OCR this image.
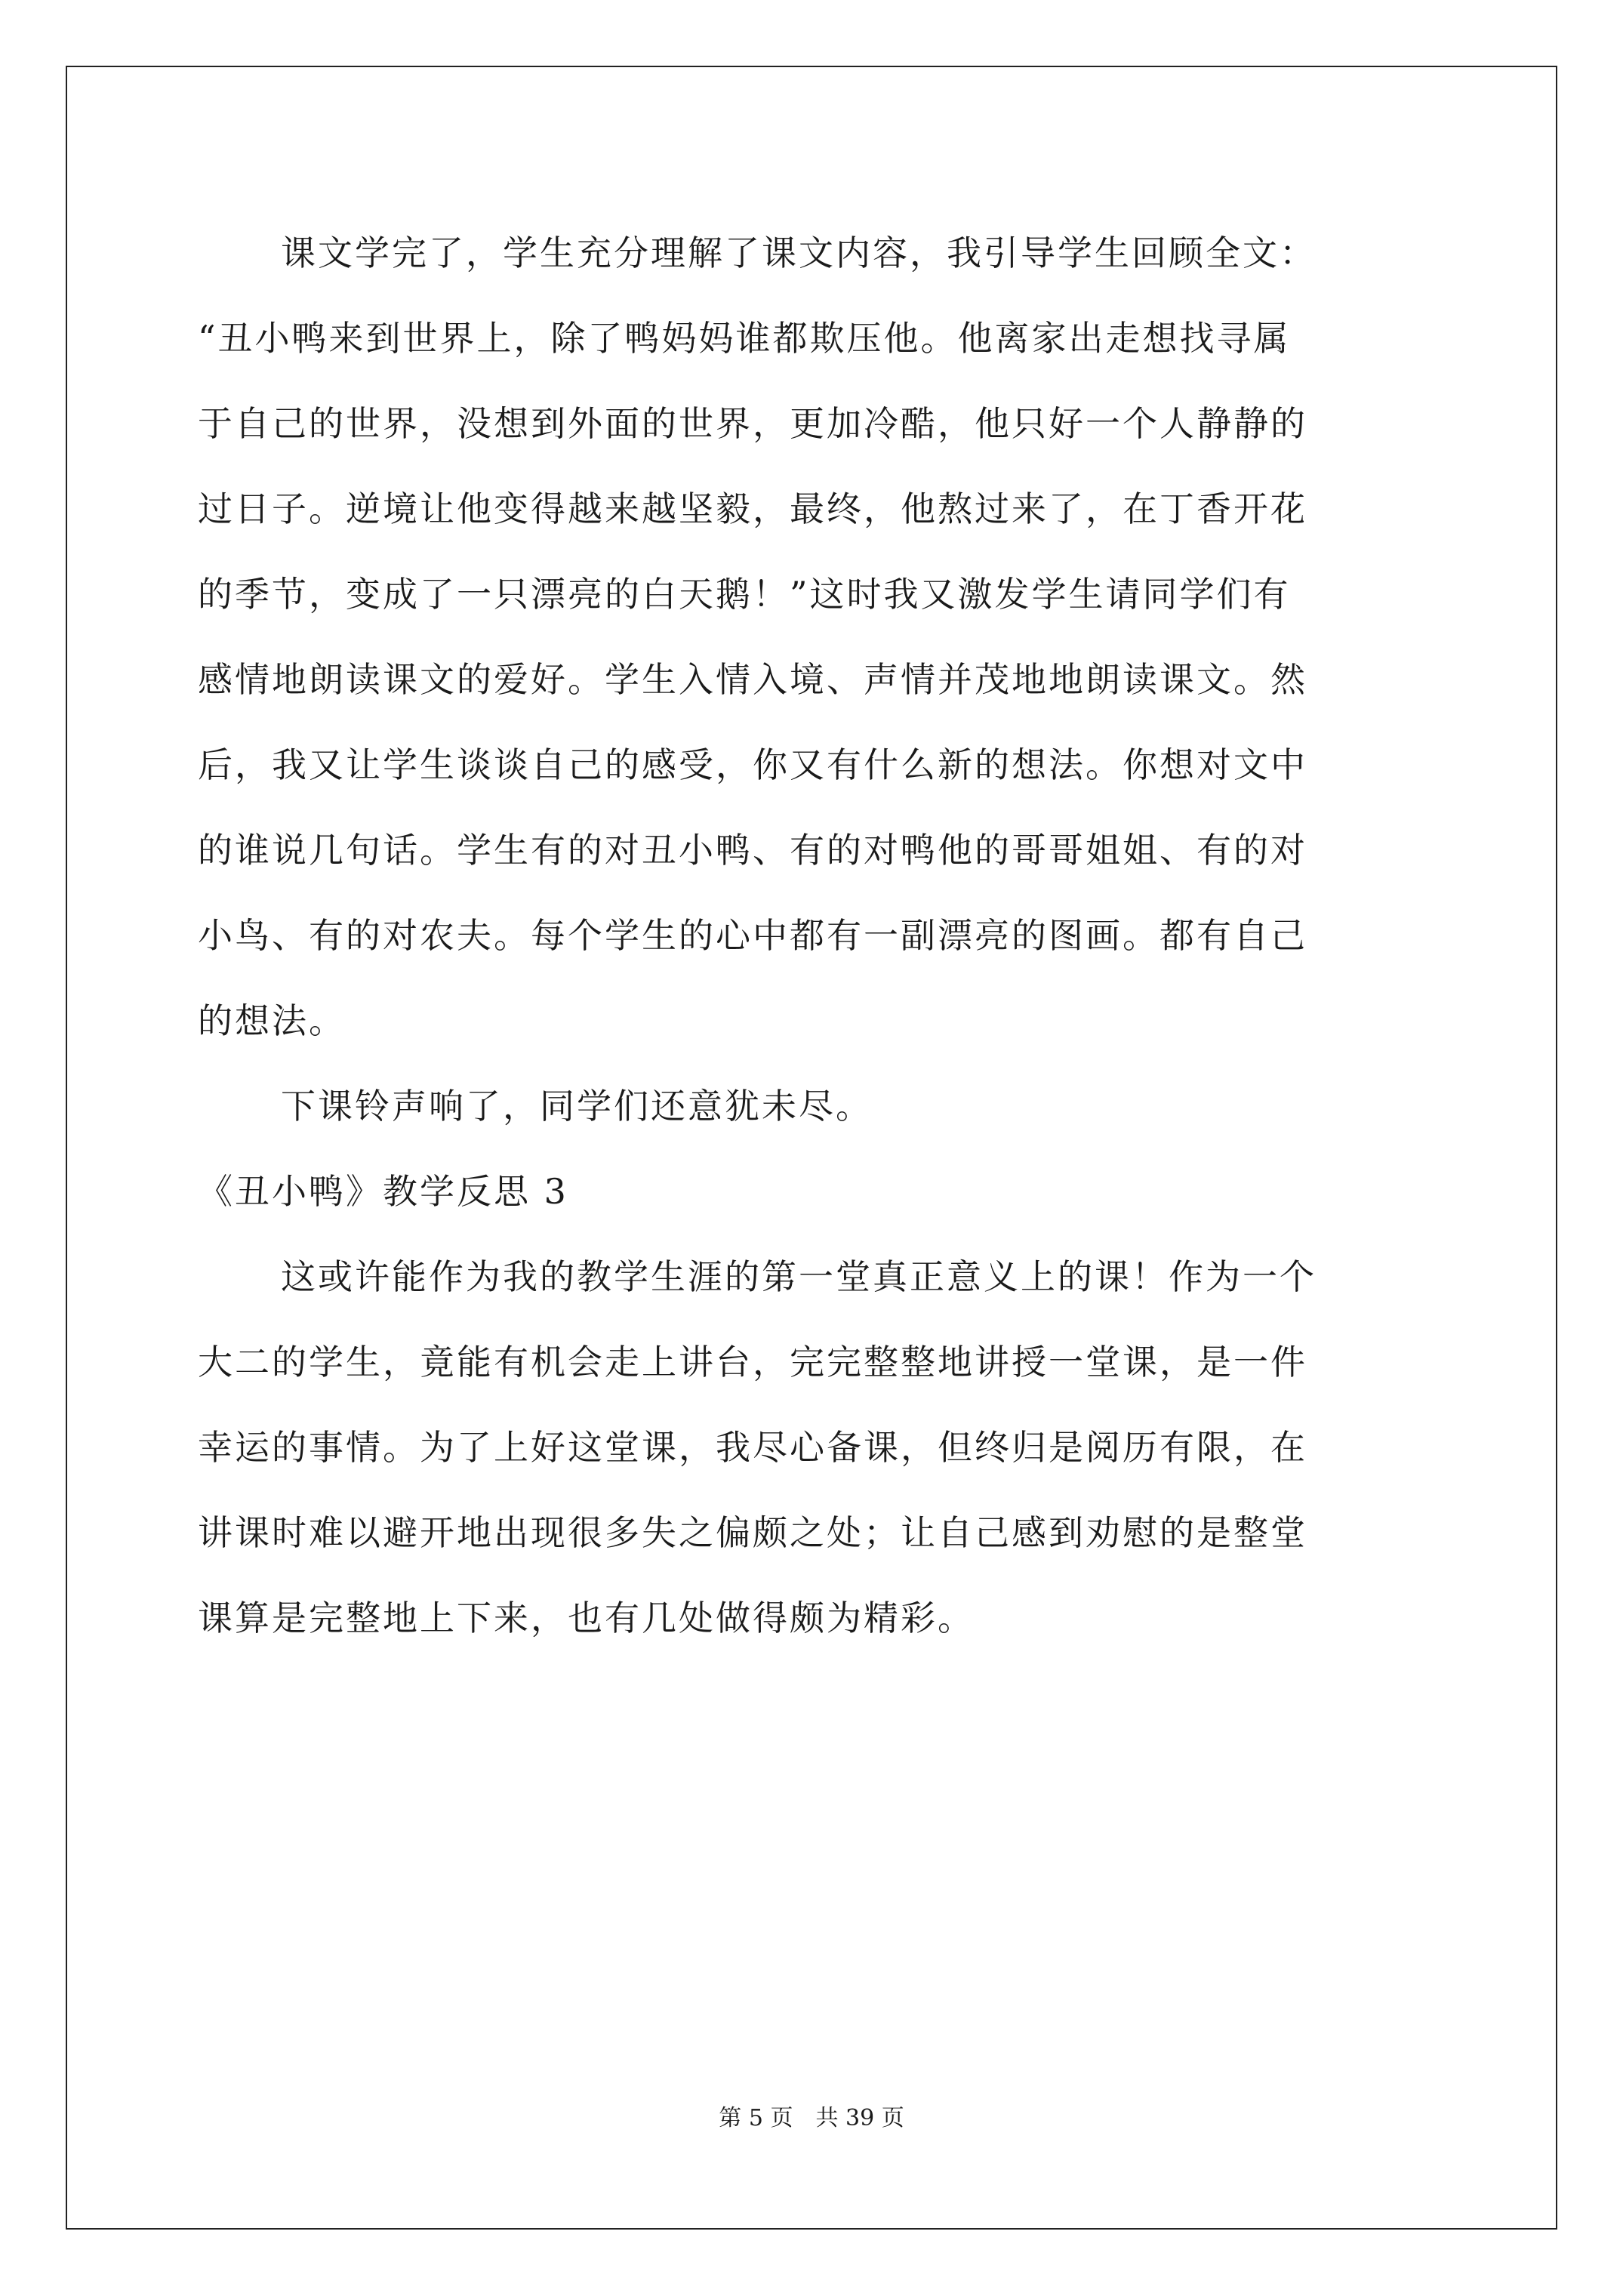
课文学完了，学生充分理解了课文内容，我引导学生回顾全文：
“丑小鸭来到世界上，除了鸭妈妈谁都欺压他。他离家出走想找寻属
于自己的世界，没想到外面的世界，更加冷酷，他只好一个人静静的
过日子。逆境让他变得越来越坚毅，最终，他熬过来了，在丁香开花
的季节，变成了一只漂亮的白天鹅！”这时我又激发学生请同学们有
感情地朗读课文的爱好。学生入情入境、声情并茂地地朗读课文。然
后，我又让学生谈谈自己的感受，你又有什么新的想法。你想对文中
的谁说几句话。学生有的对丑小鸭、有的对鸭他的哥哥姐姐、有的对
小鸟、有的对农夫。每个学生的心中都有一副漂亮的图画。都有自己
的想法。
下课铃声响了，同学们还意犹未尽。
《丑小鸭》教学反思 3
这或许能作为我的教学生涯的第一堂真正意义上的课！作为一个
大二的学生，竟能有机会走上讲台，完完整整地讲授一堂课，是一件
幸运的事情。为了上好这堂课，我尽心备课，但终归是阅历有限，在
讲课时难以避开地出现很多失之偏颇之处；让自己感到劝慰的是整堂
课算是完整地上下来，也有几处做得颇为精彩。
第 5 页　共 39 页
